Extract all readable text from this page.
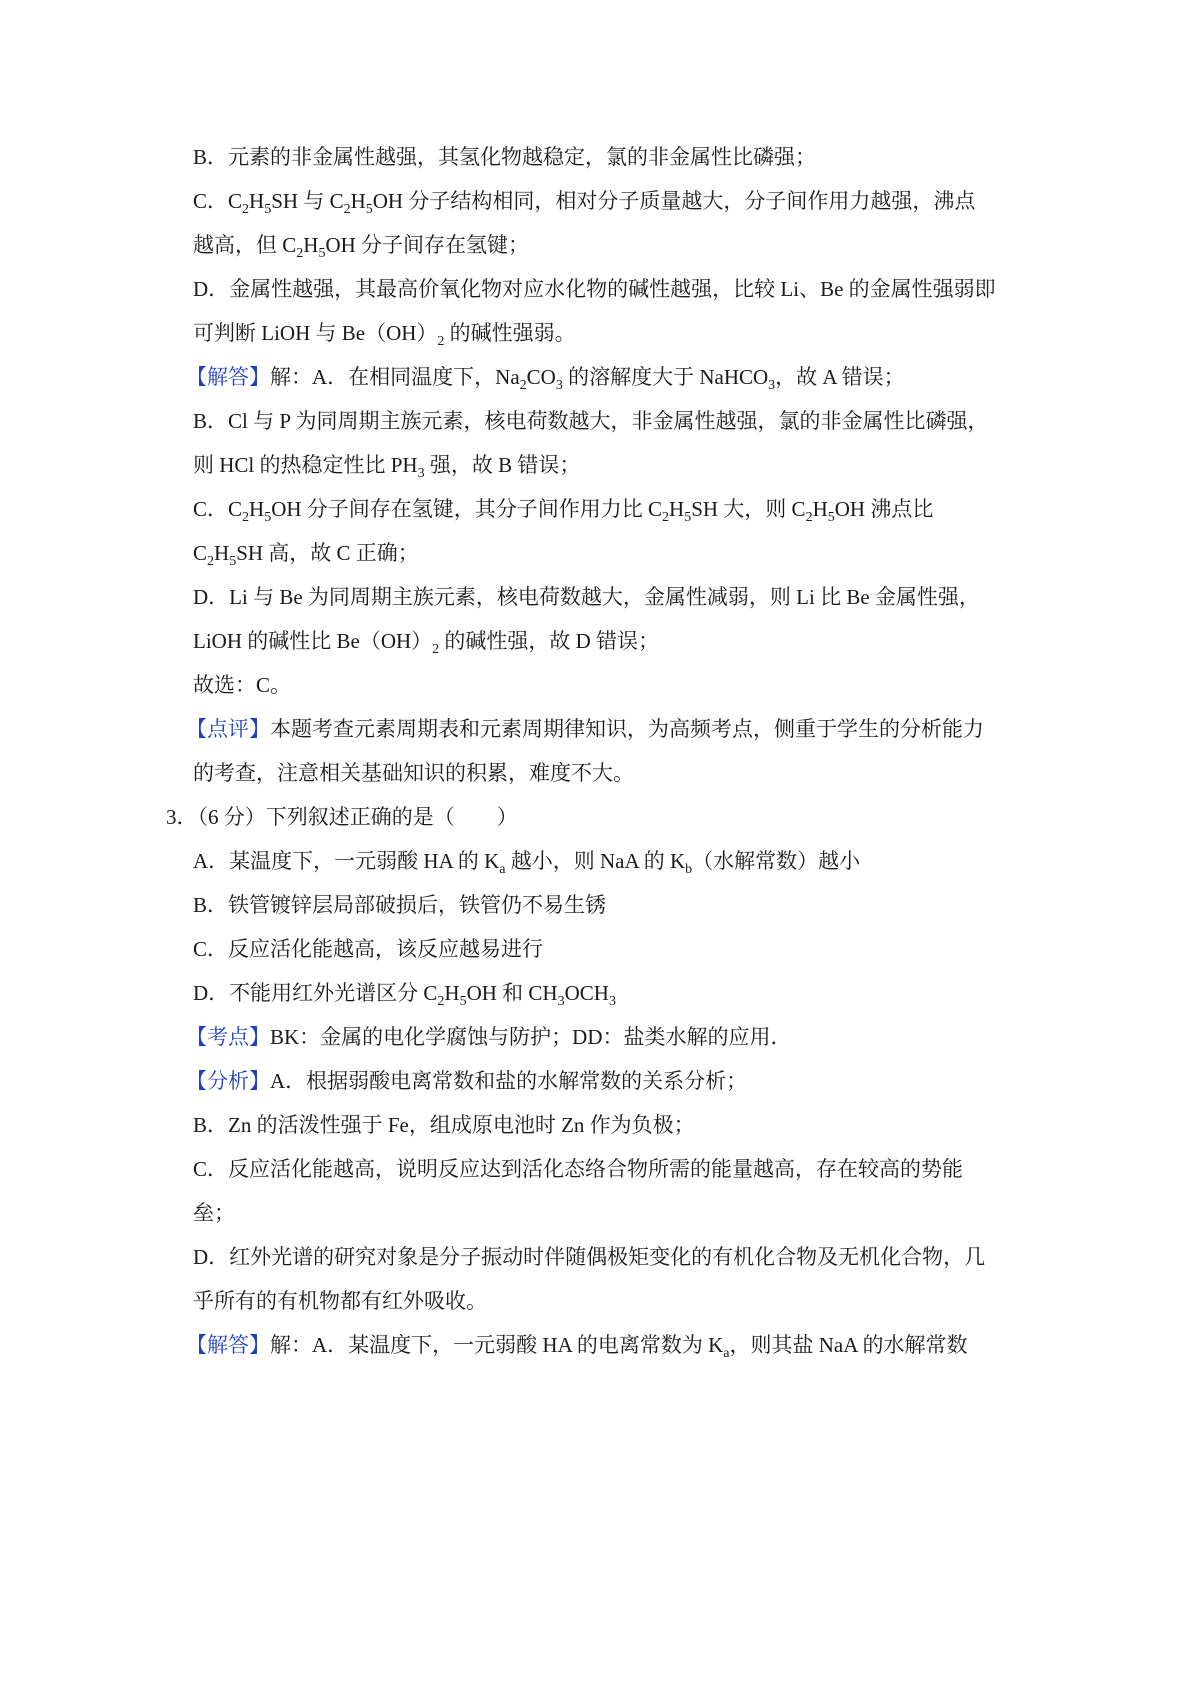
B．元素的非金属性越强，其氢化物越稳定，氯的非金属性比磷强；
C．$C_2H_5SH$ 与 $C_2H_5OH$ 分子结构相同，相对分子质量越大，分子间作用力越强，沸点
越高，但 $C_2H_5OH$ 分子间存在氢键；
D．金属性越强，其最高价氧化物对应水化物的碱性越强，比较 Li、Be 的金属性强弱即
可判断 LiOH 与 $Be(OH)_2$ 的碱性强弱。
【解答】解：A．在相同温度下，$Na_2CO_3$ 的溶解度大于 NaHCO$_3$，故 A 错误；
B．Cl 与 P 为同周期主族元素，核电荷数越大，非金属性越强，氯的非金属性比磷强，
则 HCl 的热稳定性比 $PH_3$ 强，故 B 错误；
C．$C_2H_5OH$ 分子间存在氢键，其分子间作用力比 $C_2H_5SH$ 大，则 $C_2H_5OH$ 沸点比
$C_2H_5SH$ 高，故 C 正确；
D．Li 与 Be 为同周期主族元素，核电荷数越大，金属性减弱，则 Li 比 Be 金属性强，
LiOH 的碱性比 $Be(OH)_2$ 的碱性强，故 D 错误；
故选：C。
【点评】本题考查元素周期表和元素周期律知识，为高频考点，侧重于学生的分析能力
的考查，注意相关基础知识的积累，难度不大。
3．（6 分）下列叙述正确的是（　　）
A．某温度下，一元弱酸 HA 的 $K_a$ 越小，则 NaA 的 $K_b$（水解常数）越小
B．铁管镀锌层局部破损后，铁管仍不易生锈
C．反应活化能越高，该反应越易进行
D．不能用红外光谱区分 $C_2H_5OH$ 和 $CH_3OCH_3$
【考点】BK：金属的电化学腐蚀与防护；DD：盐类水解的应用．
【分析】A．根据弱酸电离常数和盐的水解常数的关系分析；
B．Zn 的活泼性强于 Fe，组成原电池时 Zn 作为负极；
C．反应活化能越高，说明反应达到活化态络合物所需的能量越高，存在较高的势能
垒；
D．红外光谱的研究对象是分子振动时伴随偶极矩变化的有机化合物及无机化合物，几
乎所有的有机物都有红外吸收。
【解答】解：A．某温度下，一元弱酸 HA 的电离常数为 $K_a$，则其盐 NaA 的水解常数
